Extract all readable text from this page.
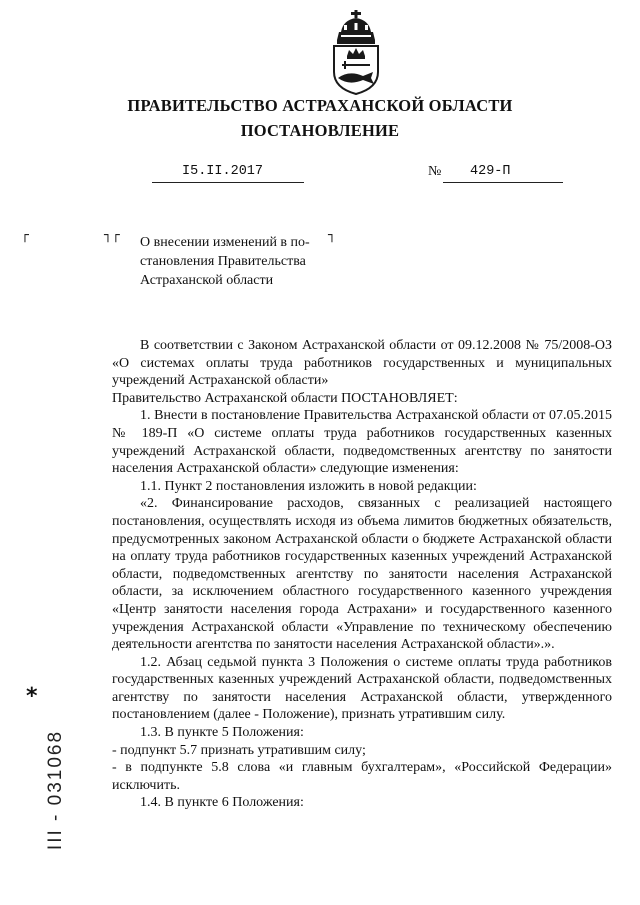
ПРАВИТЕЛЬСТВО АСТРАХАНСКОЙ ОБЛАСТИ
ПОСТАНОВЛЕНИЕ
I5.II.2017	№ 429-П
┌	┐┌	┐
О внесении изменений в по-
становления Правительства
Астраханской области

В соответствии с Законом Астраханской области от 09.12.2008 № 75/2008-ОЗ «О системах оплаты труда работников государственных и муниципальных учреждений Астраханской области»

Правительство Астраханской области ПОСТАНОВЛЯЕТ:

1. Внести в постановление Правительства Астраханской области от 07.05.2015 № 189-П «О системе оплаты труда работников государственных казенных учреждений Астраханской области, подведомственных агентству по занятости населения Астраханской области» следующие изменения:

1.1. Пункт 2 постановления изложить в новой редакции:

«2. Финансирование расходов, связанных с реализацией настоящего постановления, осуществлять исходя из объема лимитов бюджетных обязательств, предусмотренных законом Астраханской области о бюджете Астраханской области на оплату труда работников государственных казенных учреждений Астраханской области, подведомственных агентству по занятости населения Астраханской области, за исключением областного государственного казенного учреждения «Центр занятости населения города Астрахани» и государственного казенного учреждения Астраханской области «Управление по техническому обеспечению деятельности агентства по занятости населения Астраханской области».».

1.2. Абзац седьмой пункта 3 Положения о системе оплаты труда работников государственных казенных учреждений Астраханской области, подведомственных агентству по занятости населения Астраханской области, утвержденного постановлением (далее - Положение), признать утратившим силу.

1.3. В пункте 5 Положения:

- подпункт 5.7 признать утратившим силу;

- в подпункте 5.8 слова «и главным бухгалтерам», «Российской Федерации» исключить.

1.4. В пункте 6 Положения:

*
ІІІ - 031068
